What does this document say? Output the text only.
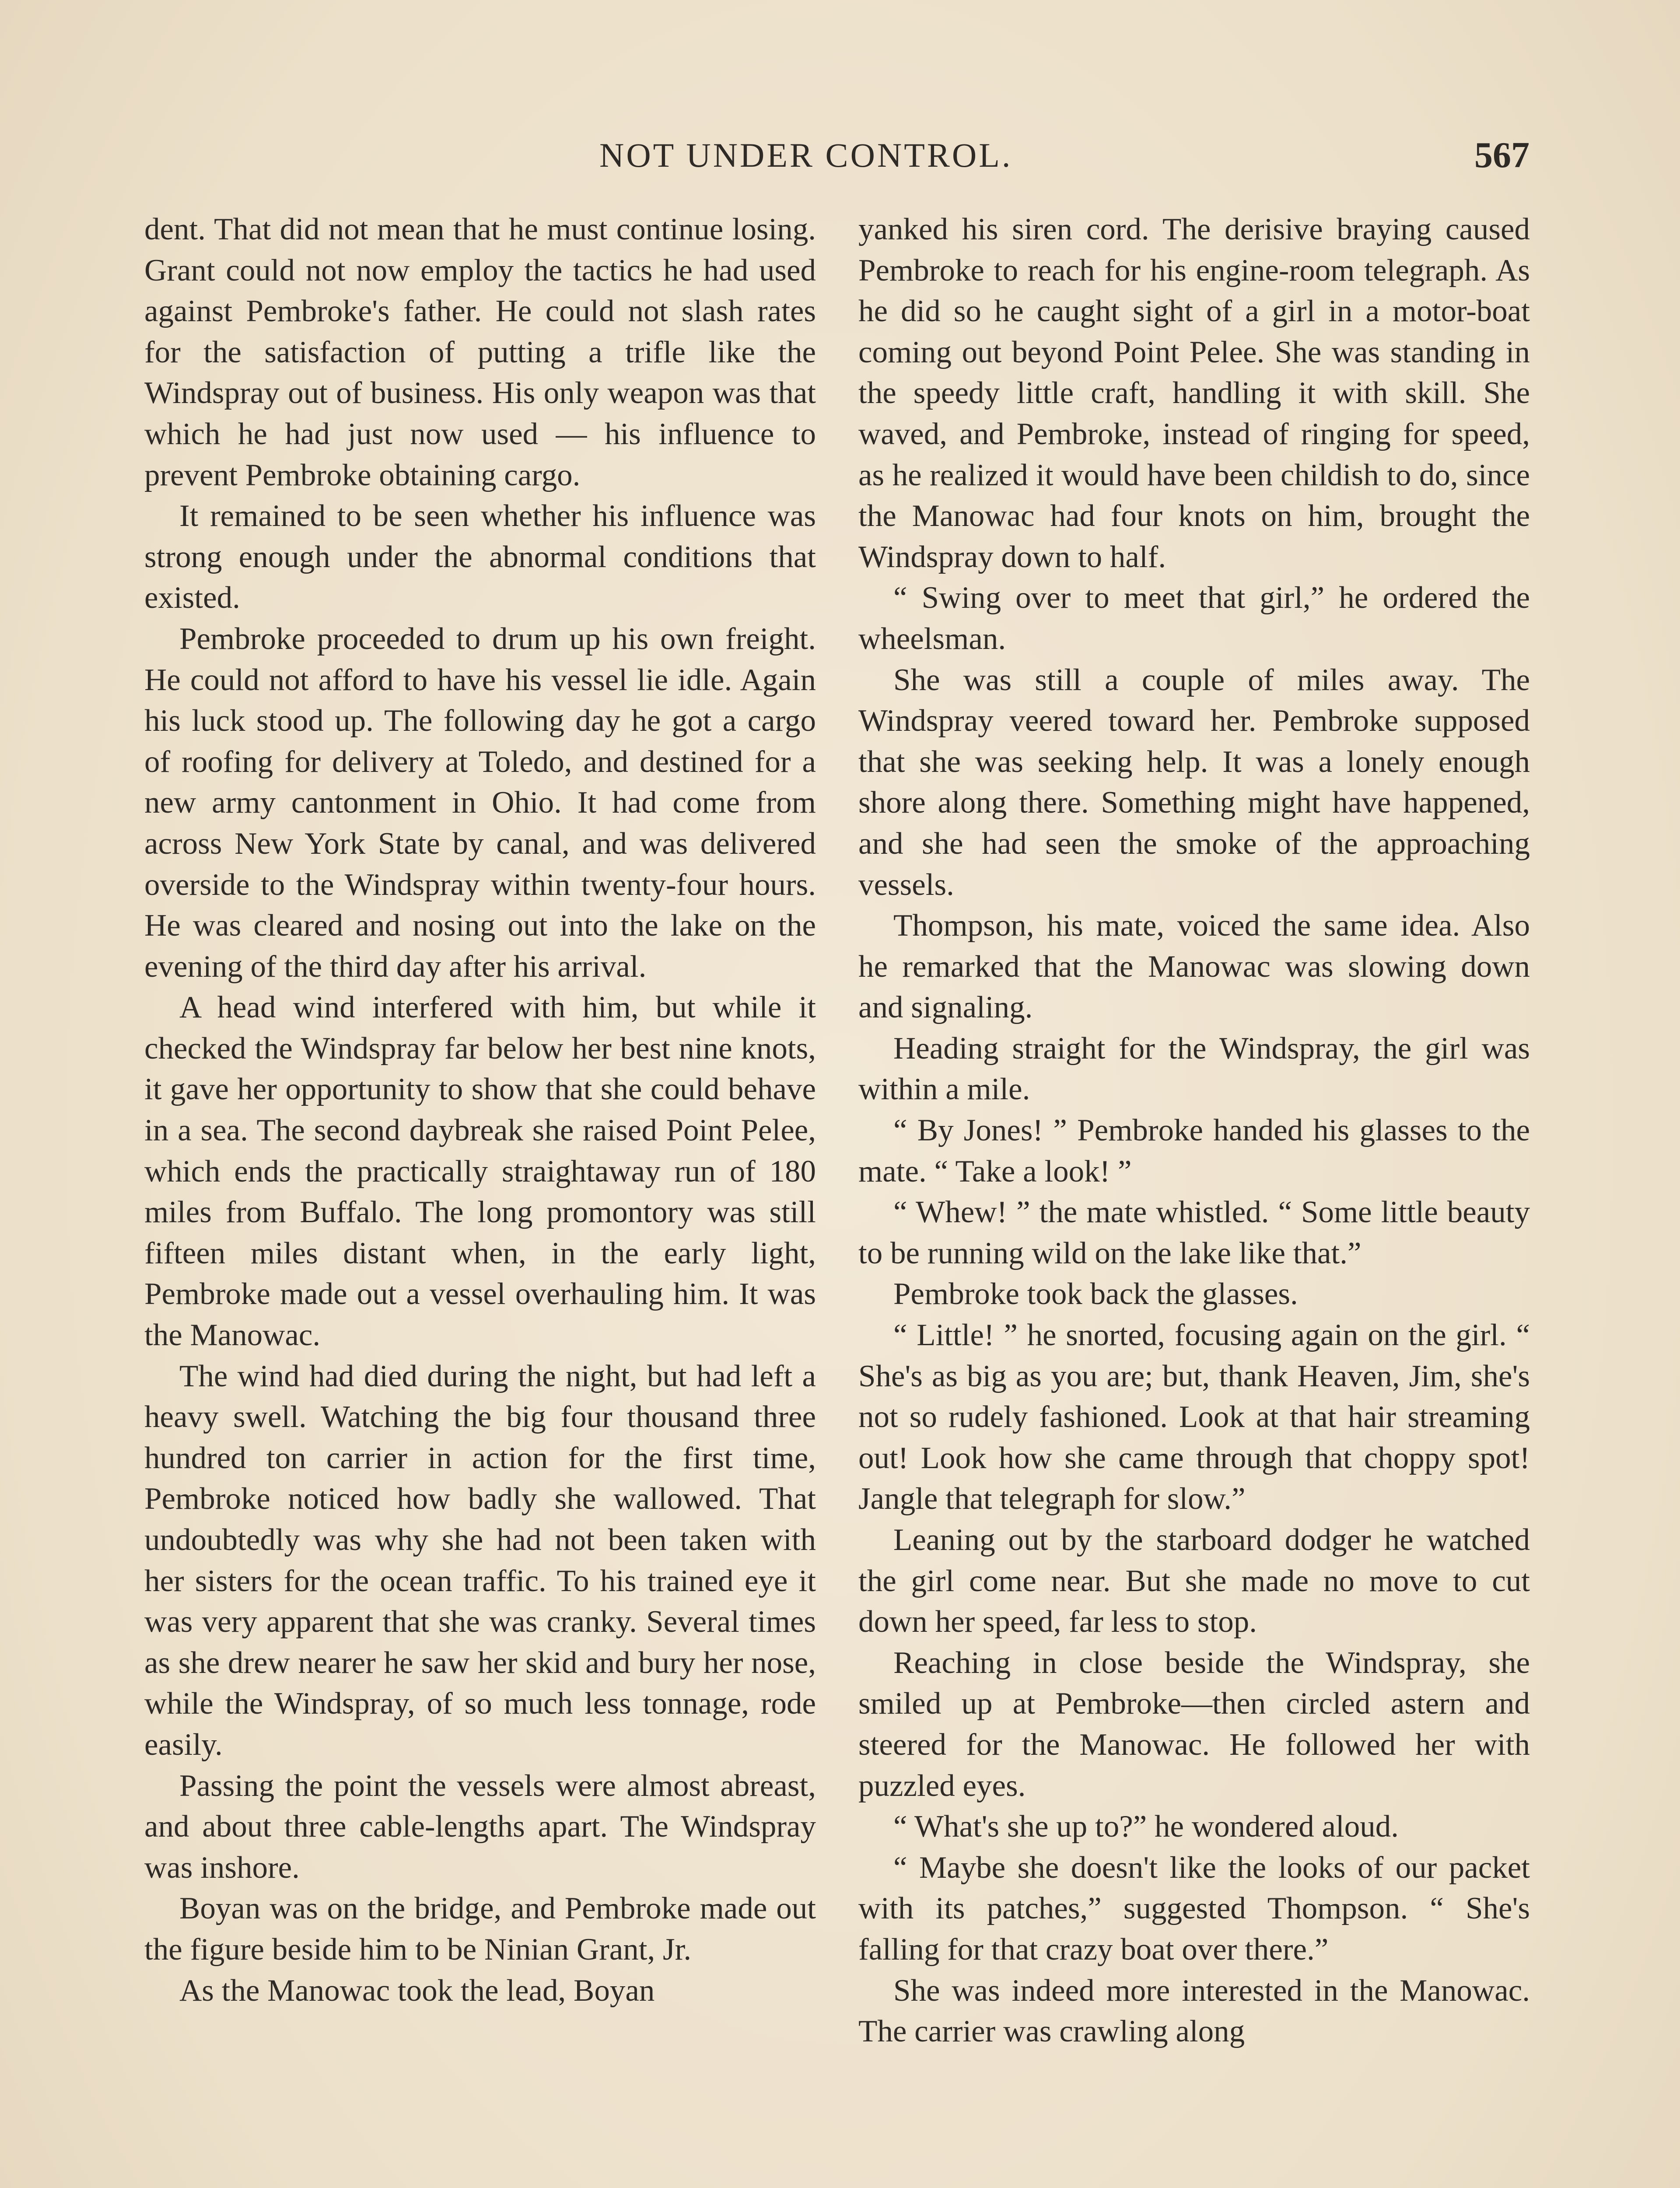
NOT UNDER CONTROL.	567

dent. That did not mean that he must continue losing. Grant could not now employ the tactics he had used against Pembroke's father. He could not slash rates for the satisfaction of putting a trifle like the Windspray out of business. His only weapon was that which he had just now used — his influence to prevent Pembroke obtaining cargo.

It remained to be seen whether his influence was strong enough under the abnormal conditions that existed.

Pembroke proceeded to drum up his own freight. He could not afford to have his vessel lie idle. Again his luck stood up. The following day he got a cargo of roofing for delivery at Toledo, and destined for a new army cantonment in Ohio. It had come from across New York State by canal, and was delivered overside to the Windspray within twenty-four hours. He was cleared and nosing out into the lake on the evening of the third day after his arrival.

A head wind interfered with him, but while it checked the Windspray far below her best nine knots, it gave her opportunity to show that she could behave in a sea. The second daybreak she raised Point Pelee, which ends the practically straightaway run of 180 miles from Buffalo. The long promontory was still fifteen miles distant when, in the early light, Pembroke made out a vessel overhauling him. It was the Manowac.

The wind had died during the night, but had left a heavy swell. Watching the big four thousand three hundred ton carrier in action for the first time, Pembroke noticed how badly she wallowed. That undoubtedly was why she had not been taken with her sisters for the ocean traffic. To his trained eye it was very apparent that she was cranky. Several times as she drew nearer he saw her skid and bury her nose, while the Windspray, of so much less tonnage, rode easily.

Passing the point the vessels were almost abreast, and about three cable-lengths apart. The Windspray was inshore.

Boyan was on the bridge, and Pembroke made out the figure beside him to be Ninian Grant, Jr.

As the Manowac took the lead, Boyan

yanked his siren cord. The derisive braying caused Pembroke to reach for his engine-room telegraph. As he did so he caught sight of a girl in a motor-boat coming out beyond Point Pelee. She was standing in the speedy little craft, handling it with skill. She waved, and Pembroke, instead of ringing for speed, as he realized it would have been childish to do, since the Manowac had four knots on him, brought the Windspray down to half.

“ Swing over to meet that girl,” he ordered the wheelsman.

She was still a couple of miles away. The Windspray veered toward her. Pembroke supposed that she was seeking help. It was a lonely enough shore along there. Something might have happened, and she had seen the smoke of the approaching vessels.

Thompson, his mate, voiced the same idea. Also he remarked that the Manowac was slowing down and signaling.

Heading straight for the Windspray, the girl was within a mile.

“ By Jones! ” Pembroke handed his glasses to the mate. “ Take a look! ”

“ Whew! ” the mate whistled. “ Some little beauty to be running wild on the lake like that.”

Pembroke took back the glasses.

“ Little! ” he snorted, focusing again on the girl. “ She's as big as you are; but, thank Heaven, Jim, she's not so rudely fashioned. Look at that hair streaming out! Look how she came through that choppy spot! Jangle that telegraph for slow.”

Leaning out by the starboard dodger he watched the girl come near. But she made no move to cut down her speed, far less to stop.

Reaching in close beside the Windspray, she smiled up at Pembroke—then circled astern and steered for the Manowac. He followed her with puzzled eyes.

“ What's she up to?” he wondered aloud.

“ Maybe she doesn't like the looks of our packet with its patches,” suggested Thompson. “ She's falling for that crazy boat over there.”

She was indeed more interested in the Manowac. The carrier was crawling along
